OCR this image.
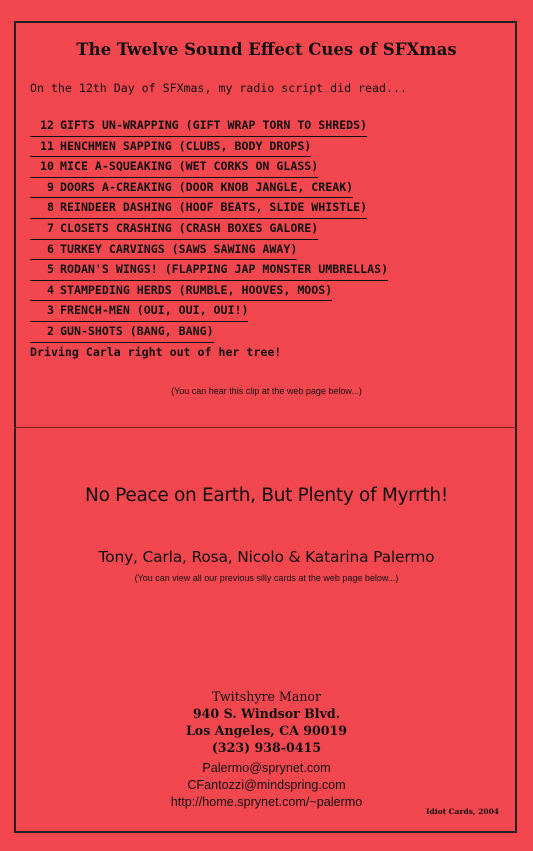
The Twelve Sound Effect Cues of SFXmas
On the 12th Day of SFXmas, my radio script did read...
12 GIFTS UN-WRAPPING (GIFT WRAP TORN TO SHREDS)
11 HENCHMEN SAPPING (CLUBS, BODY DROPS)
10 MICE A-SQUEAKING (WET CORKS ON GLASS)
9 DOORS A-CREAKING (DOOR KNOB JANGLE, CREAK)
8 REINDEER DASHING (HOOF BEATS, SLIDE WHISTLE)
7 CLOSETS CRASHING (CRASH BOXES GALORE)
6 TURKEY CARVINGS (SAWS SAWING AWAY)
5 RODAN'S WINGS! (FLAPPING JAP MONSTER UMBRELLAS)
4 STAMPEDING HERDS (RUMBLE, HOOVES, MOOS)
3 FRENCH-MEN (OUI, OUI, OUI!)
2 GUN-SHOTS (BANG, BANG)
Driving Carla right out of her tree!
(You can hear this clip at the web page below...)
No Peace on Earth, But Plenty of Myrrth!
Tony, Carla, Rosa, Nicolo & Katarina Palermo
(You can view all our previous silly cards at the web page below...)
Twitshyre Manor
940 S. Windsor Blvd.
Los Angeles, CA 90019
(323) 938-0415
Palermo@sprynet.com
CFantozzi@mindspring.com
http://home.sprynet.com/~palermo
Idiot Cards, 2004
